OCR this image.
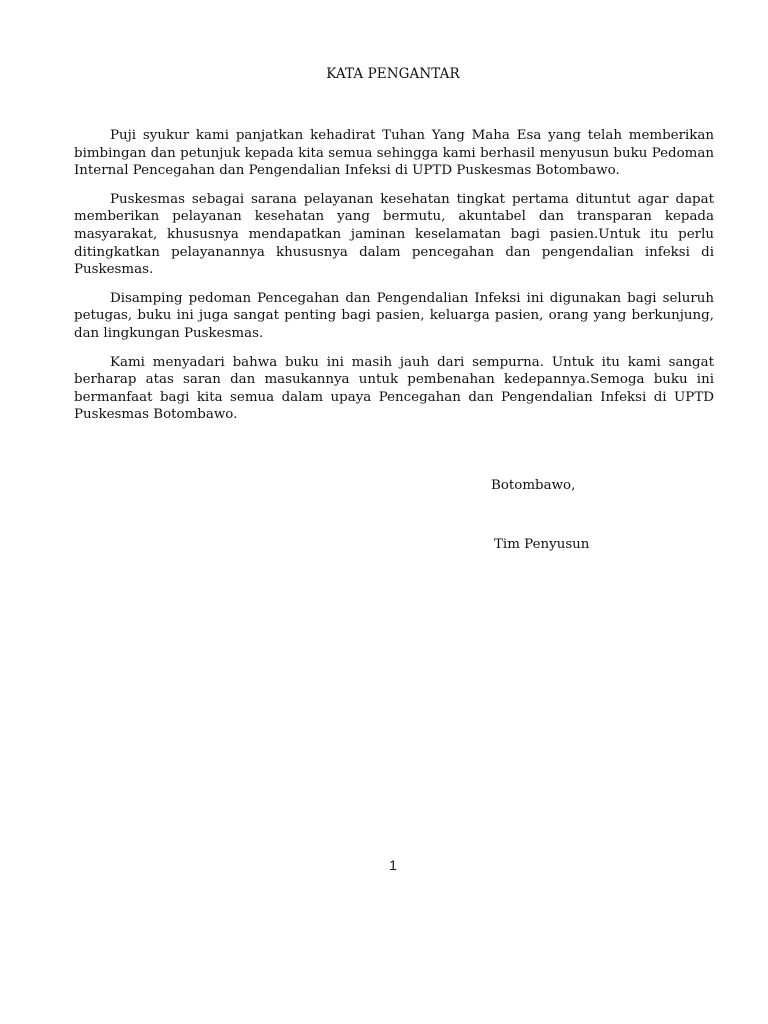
KATA PENGANTAR

Puji syukur kami panjatkan kehadirat Tuhan Yang Maha Esa yang telah memberikan bimbingan dan petunjuk kepada kita semua sehingga kami berhasil menyusun buku Pedoman Internal Pencegahan dan Pengendalian Infeksi di UPTD Puskesmas Botombawo.

Puskesmas sebagai sarana pelayanan kesehatan tingkat pertama dituntut agar dapat memberikan pelayanan kesehatan yang bermutu, akuntabel dan transparan kepada masyarakat, khususnya mendapatkan jaminan keselamatan bagi pasien.Untuk itu perlu ditingkatkan pelayanannya khususnya dalam pencegahan dan pengendalian infeksi di Puskesmas.

Disamping pedoman Pencegahan dan Pengendalian Infeksi ini digunakan bagi seluruh petugas, buku ini juga sangat penting bagi pasien, keluarga pasien, orang yang berkunjung, dan lingkungan Puskesmas.

Kami menyadari bahwa buku ini masih jauh dari sempurna. Untuk itu kami sangat berharap atas saran dan masukannya untuk pembenahan kedepannya.Semoga buku ini bermanfaat bagi kita semua dalam upaya Pencegahan dan Pengendalian Infeksi di UPTD Puskesmas Botombawo.

Botombawo,
Tim Penyusun
1
